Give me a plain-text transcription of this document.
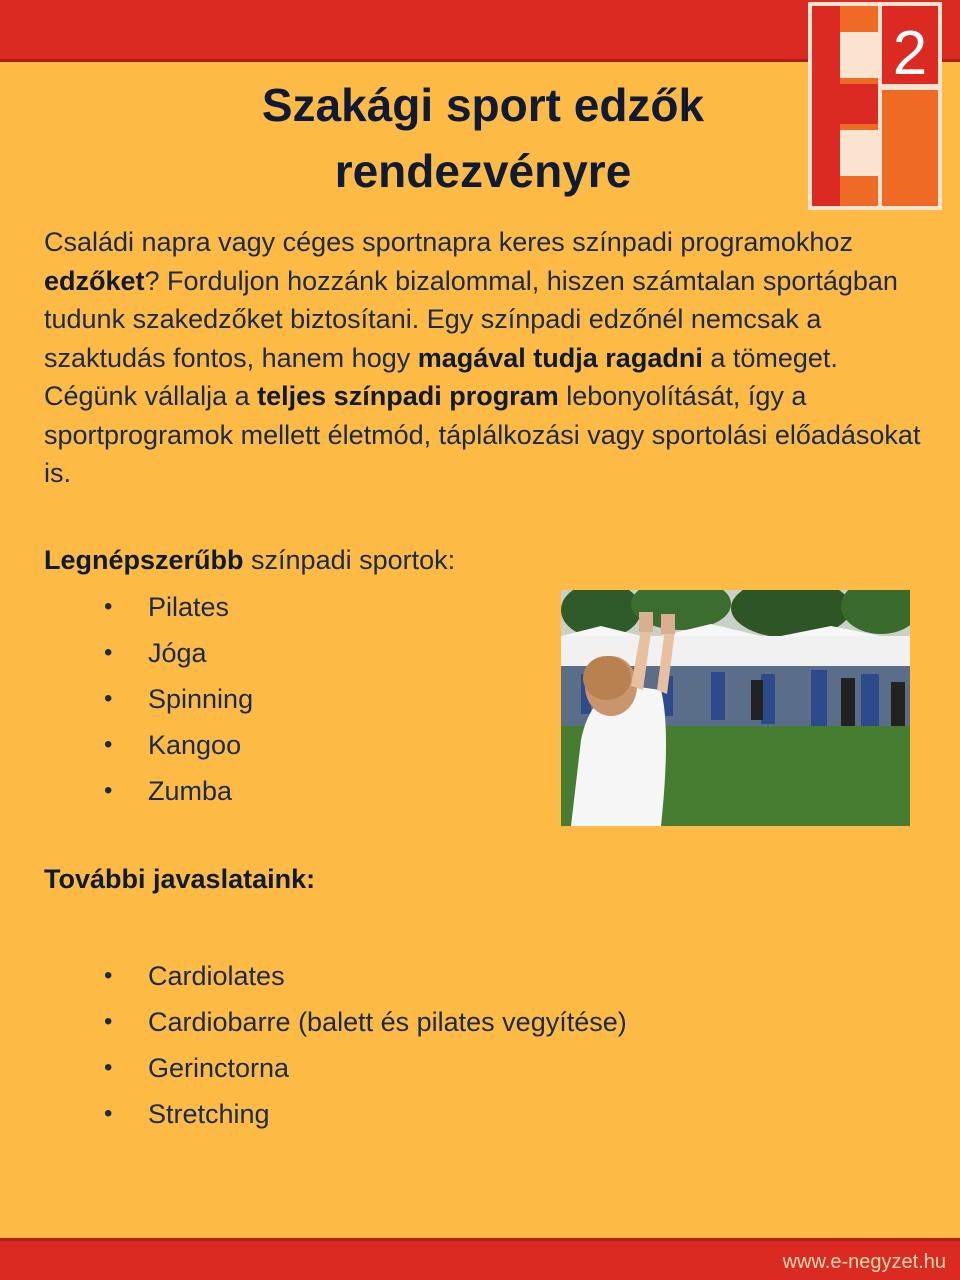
2
Szakági sport edzők
rendezvényre
Családi napra vagy céges sportnapra keres színpadi programokhoz edzőket? Forduljon hozzánk bizalommal, hiszen számtalan sportágban tudunk szakedzőket biztosítani. Egy színpadi edzőnél nemcsak a szaktudás fontos, hanem hogy magával tudja ragadni a tömeget. Cégünk vállalja a teljes színpadi program lebonyolítását, így a sportprogramok mellett életmód, táplálkozási vagy sportolási előadásokat is.
Legnépszerűbb színpadi sportok:
• Pilates
• Jóga
• Spinning
• Kangoo
• Zumba
További javaslataink:
• Cardiolates
• Cardiobarre (balett és pilates vegyítése)
• Gerinctorna
• Stretching
www.e-negyzet.hu
